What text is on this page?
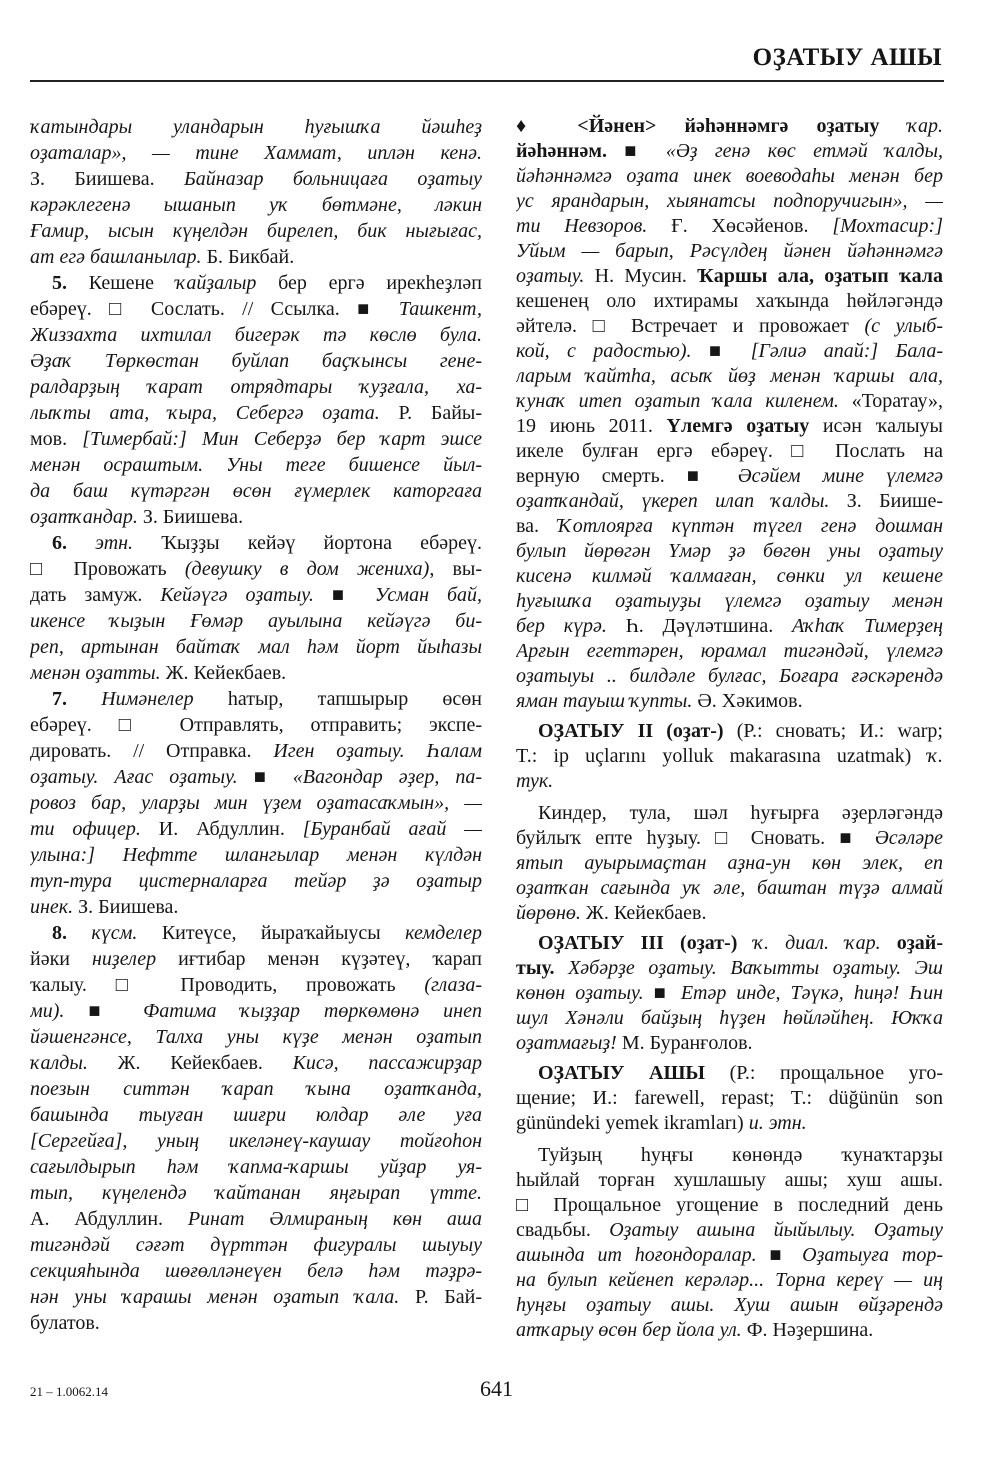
ОҘАТЫУ АШЫ
ҡатындары уландарын һуғышҡа йәшһеҙ
оҙаталар», — тине Хаммат, иплән кенә.
З. Биишева. Байназар больницаға оҙатыу
кәрәклегенә ышанып уҡ бөтмәне, ләкин
Ғамир, ысын күңелдән бирелеп, бик нығығас,
ат егә башланылар. Б. Бикбай.
5. Кешене ҡайҙалыр бер ергә ирекһеҙләп
ебәреү. □ Сослать. // Ссылка. ■ Ташкент,
Жиззахта ихтилал бигерәк тә көслө була.
Әҙаҡ Төркөстан буйлап баҫҡынсы гене-
ралдарҙың ҡарат отрядтары ҡуҙғала, ха-
лыҡты ата, ҡыра, Себергә оҙата. Р. Байы-
мов. [Тимербай:] Мин Себерҙә бер ҡарт эшсе
менән осраштым. Уны теге бишенсе йыл-
да баш күтәргән өсөн ғүмерлек каторгаға
оҙатҡандар. З. Биишева.
6. этн. Ҡыҙҙы кейәү йортона ебәреү.
□ Провожать (девушку в дом жениха), вы-
дать замуж. Кейәүгә оҙатыу. ■ Усман бай,
икенсе ҡыҙын Ғөмәр ауылына кейәүгә би-
реп, артынан байтаҡ мал һәм йорт йыһазы
менән оҙатты. Ж. Кейекбаев.
7. Нимәнелер һатыр, тапшырыр өсөн
ебәреү. □ Отправлять, отправить; экспе-
дировать. // Отправка. Иген оҙатыу. Һалам
оҙатыу. Ағас оҙатыу. ■ «Вагондар әҙер, па-
ровоз бар, уларҙы мин үҙем оҙатасаҡмын», —
ти офицер. И. Абдуллин. [Буранбай ағай —
улына:] Нефтте шлангылар менән күлдән
туп-тура цистерналарға тейәр ҙә оҙатыр
инек. З. Биишева.
8. күсм. Китеүсе, йыраҡайыусы кемделер
йәки ниҙелер иғтибар менән күҙәтеү, ҡарап
ҡалыу. □ Проводить, провожать (глаза-
ми). ■ Фатима ҡыҙҙар төркөмөнә инеп
йәшенгәнсе, Талха уны күҙе менән оҙатып
ҡалды. Ж. Кейекбаев. Кисә, пассажирҙар
поезын ситтән ҡарап ҡына оҙатҡанда,
башында тыуған шиғри юлдар әле уға
[Сергейға], уның икеләнеү-каушау тойғоһон
сағылдырып һәм ҡапма-ҡаршы уйҙар уя-
тып, күңелендә ҡайтанан яңғырап үтте.
А. Абдуллин. Ринат Әлмираның көн аша
тигәндәй сәғәт дүрттән фигуралы шыуыу
секцияһында шөғөлләнеүен белә һәм тәҙрә-
нән уны ҡарашы менән оҙатып ҡала. Р. Бай-
булатов.
♦ <Йәнен> йәһәннәмгә оҙатыу ҡар.
йәһәннәм. ■ «Әҙ генә көс етмәй ҡалды,
йәһәннәмгә оҙата инек воеводаһы менән бер
ус ярандарын, хыянатсы подпоручигын», —
ти Невзоров. Ғ. Хөсәйенов. [Мохтасир:]
Уйым — барып, Рәсүлдең йәнен йәһәннәмгә
оҙатыу. Н. Мусин. Ҡаршы ала, оҙатып ҡала
кешенең оло ихтирамы хаҡында һөйләгәндә
әйтелә. □ Встречает и провожает (с улыб-
кой, с радостью). ■ [Гәлиә апай:] Бала-
ларым ҡайтһа, асыҡ йөҙ менән ҡаршы ала,
ҡунаҡ итеп оҙатып ҡала киленем. «Торатау»,
19 июнь 2011. Үлемгә оҙатыу исән ҡалыуы
икеле булған ергә ебәреү. □ Послать на
верную смерть. ■ Әсәйем мине үлемгә
оҙатҡандай, үкереп илап ҡалды. З. Биише-
ва. Ҡотлоярға күптән түгел генә дошман
булып йөрөгән Үмәр ҙә бөгөн уны оҙатыу
кисенә килмәй ҡалмаған, сөнки ул кешене
һуғышҡа оҙатыуҙы үлемгә оҙатыу менән
бер күрә. Һ. Дәүләтшина. Аҡһаҡ Тимерҙең
Арғын егеттәрен, юрамал тигәндәй, үлемгә
оҙатыуы .. билдәле булғас, Боғара ғәскәрендә
яман тауыш ҡупты. Ә. Хәкимов.
ОҘАТЫУ II (оҙат-) (Р.: сновать; И.: warp;
T.: ip uçlarını yolluk makarasına uzatmak) ҡ.
тук.
Киндер, тула, шәл һуғырға әҙерләгәндә
буйлыҡ епте һуҙыу. □ Сновать. ■ Әсәләре
ятып ауырымаҫтан аҙна-ун көн элек, еп
оҙатҡан сағында уҡ әле, баштан түҙә алмай
йөрөнө. Ж. Кейекбаев.
ОҘАТЫУ III (оҙат-) ҡ. диал. ҡар. оҙай-
тыу. Хәбәрҙе оҙатыу. Ваҡытты оҙатыу. Эш
көнөн оҙатыу. ■ Етәр инде, Тәүкә, һиңә! Һин
шул Хәнәли байҙың һүҙен һөйләйһең. Юҡҡа
оҙатмағыҙ! М. Буранғолов.
ОҘАТЫУ АШЫ (Р.: прощальное уго-
щение; И.: farewell, repast; T.: düğünün son
günündeki yemek ikramları) и. этн.
Туйҙың һуңғы көнөндә ҡунаҡтарҙы
һыйлай торған хушлашыу ашы; хуш ашы.
□ Прощальное угощение в последний день
свадьбы. Оҙатыу ашына йыйылыу. Оҙатыу
ашында ит һоғондоралар. ■ Оҙатыуға тор-
на булып кейенеп керәләр... Торна кереү — иң
һуңғы оҙатыу ашы. Хуш ашын өйҙәрендә
атҡарыу өсөн бер йола ул. Ф. Нәҙершина.
21 – 1.0062.14	641
